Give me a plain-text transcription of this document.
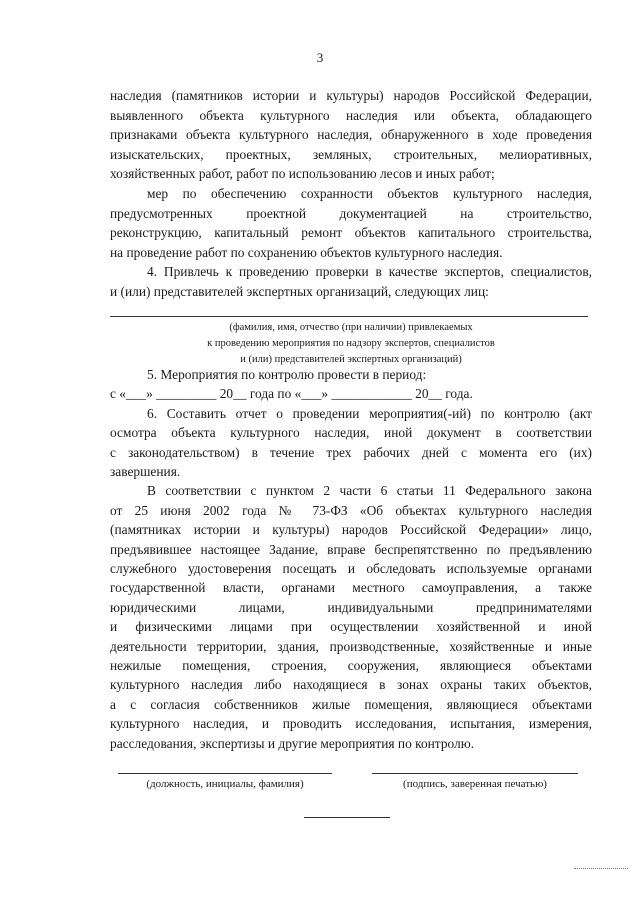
3
наследия (памятников истории и культуры) народов Российской Федерации,
выявленного объекта культурного наследия или объекта, обладающего
признаками объекта культурного наследия, обнаруженного в ходе проведения
изыскательских, проектных, земляных, строительных, мелиоративных,
хозяйственных работ, работ по использованию лесов и иных работ;
мер по обеспечению сохранности объектов культурного наследия,
предусмотренных проектной документацией на строительство,
реконструкцию, капитальный ремонт объектов капитального строительства,
на проведение работ по сохранению объектов культурного наследия.
4. Привлечь к проведению проверки в качестве экспертов, специалистов,
и (или) представителей экспертных организаций, следующих лиц:
(фамилия, имя, отчество (при наличии) привлекаемых
к проведению мероприятия по надзору экспертов, специалистов
и (или) представителей экспертных организаций)
5. Мероприятия по контролю провести в период:
с «___» _________ 20__ года по «___» ____________ 20__ года.
6. Составить отчет о проведении мероприятия(-ий) по контролю (акт
осмотра объекта культурного наследия, иной документ в соответствии
с законодательством) в течение трех рабочих дней с момента его (их)
завершения.
В соответствии с пунктом 2 части 6 статьи 11 Федерального закона
от 25 июня 2002 года № 73-ФЗ «Об объектах культурного наследия
(памятниках истории и культуры) народов Российской Федерации» лицо,
предъявившее настоящее Задание, вправе беспрепятственно по предъявлению
служебного удостоверения посещать и обследовать используемые органами
государственной власти, органами местного самоуправления, а также
юридическими лицами, индивидуальными предпринимателями
и физическими лицами при осуществлении хозяйственной и иной
деятельности территории, здания, производственные, хозяйственные и иные
нежилые помещения, строения, сооружения, являющиеся объектами
культурного наследия либо находящиеся в зонах охраны таких объектов,
а с согласия собственников жилые помещения, являющиеся объектами
культурного наследия, и проводить исследования, испытания, измерения,
расследования, экспертизы и другие мероприятия по контролю.
(должность, инициалы, фамилия)	(подпись, заверенная печатью)
